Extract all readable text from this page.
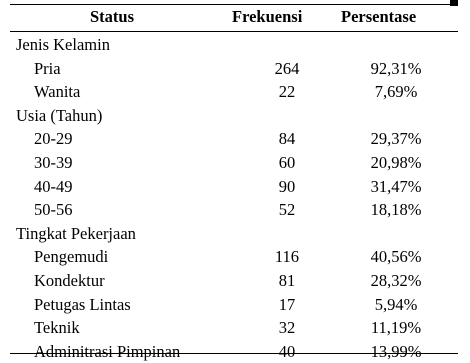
Status	Frekuensi Persentase
Jenis Kelamin
Pria	264	92,31%
Wanita	22	7,69%
Usia (Tahun)
20-29	84	29,37%
30-39	60	20,98%
40-49	90	31,47%
50-56	52	18,18%
Tingkat Pekerjaan
Pengemudi	116	40,56%
Kondektur	81	28,32%
Petugas Lintas	17	5,94%
Teknik	32	11,19%
Adminitrasi Pimpinan	40	13,99%
